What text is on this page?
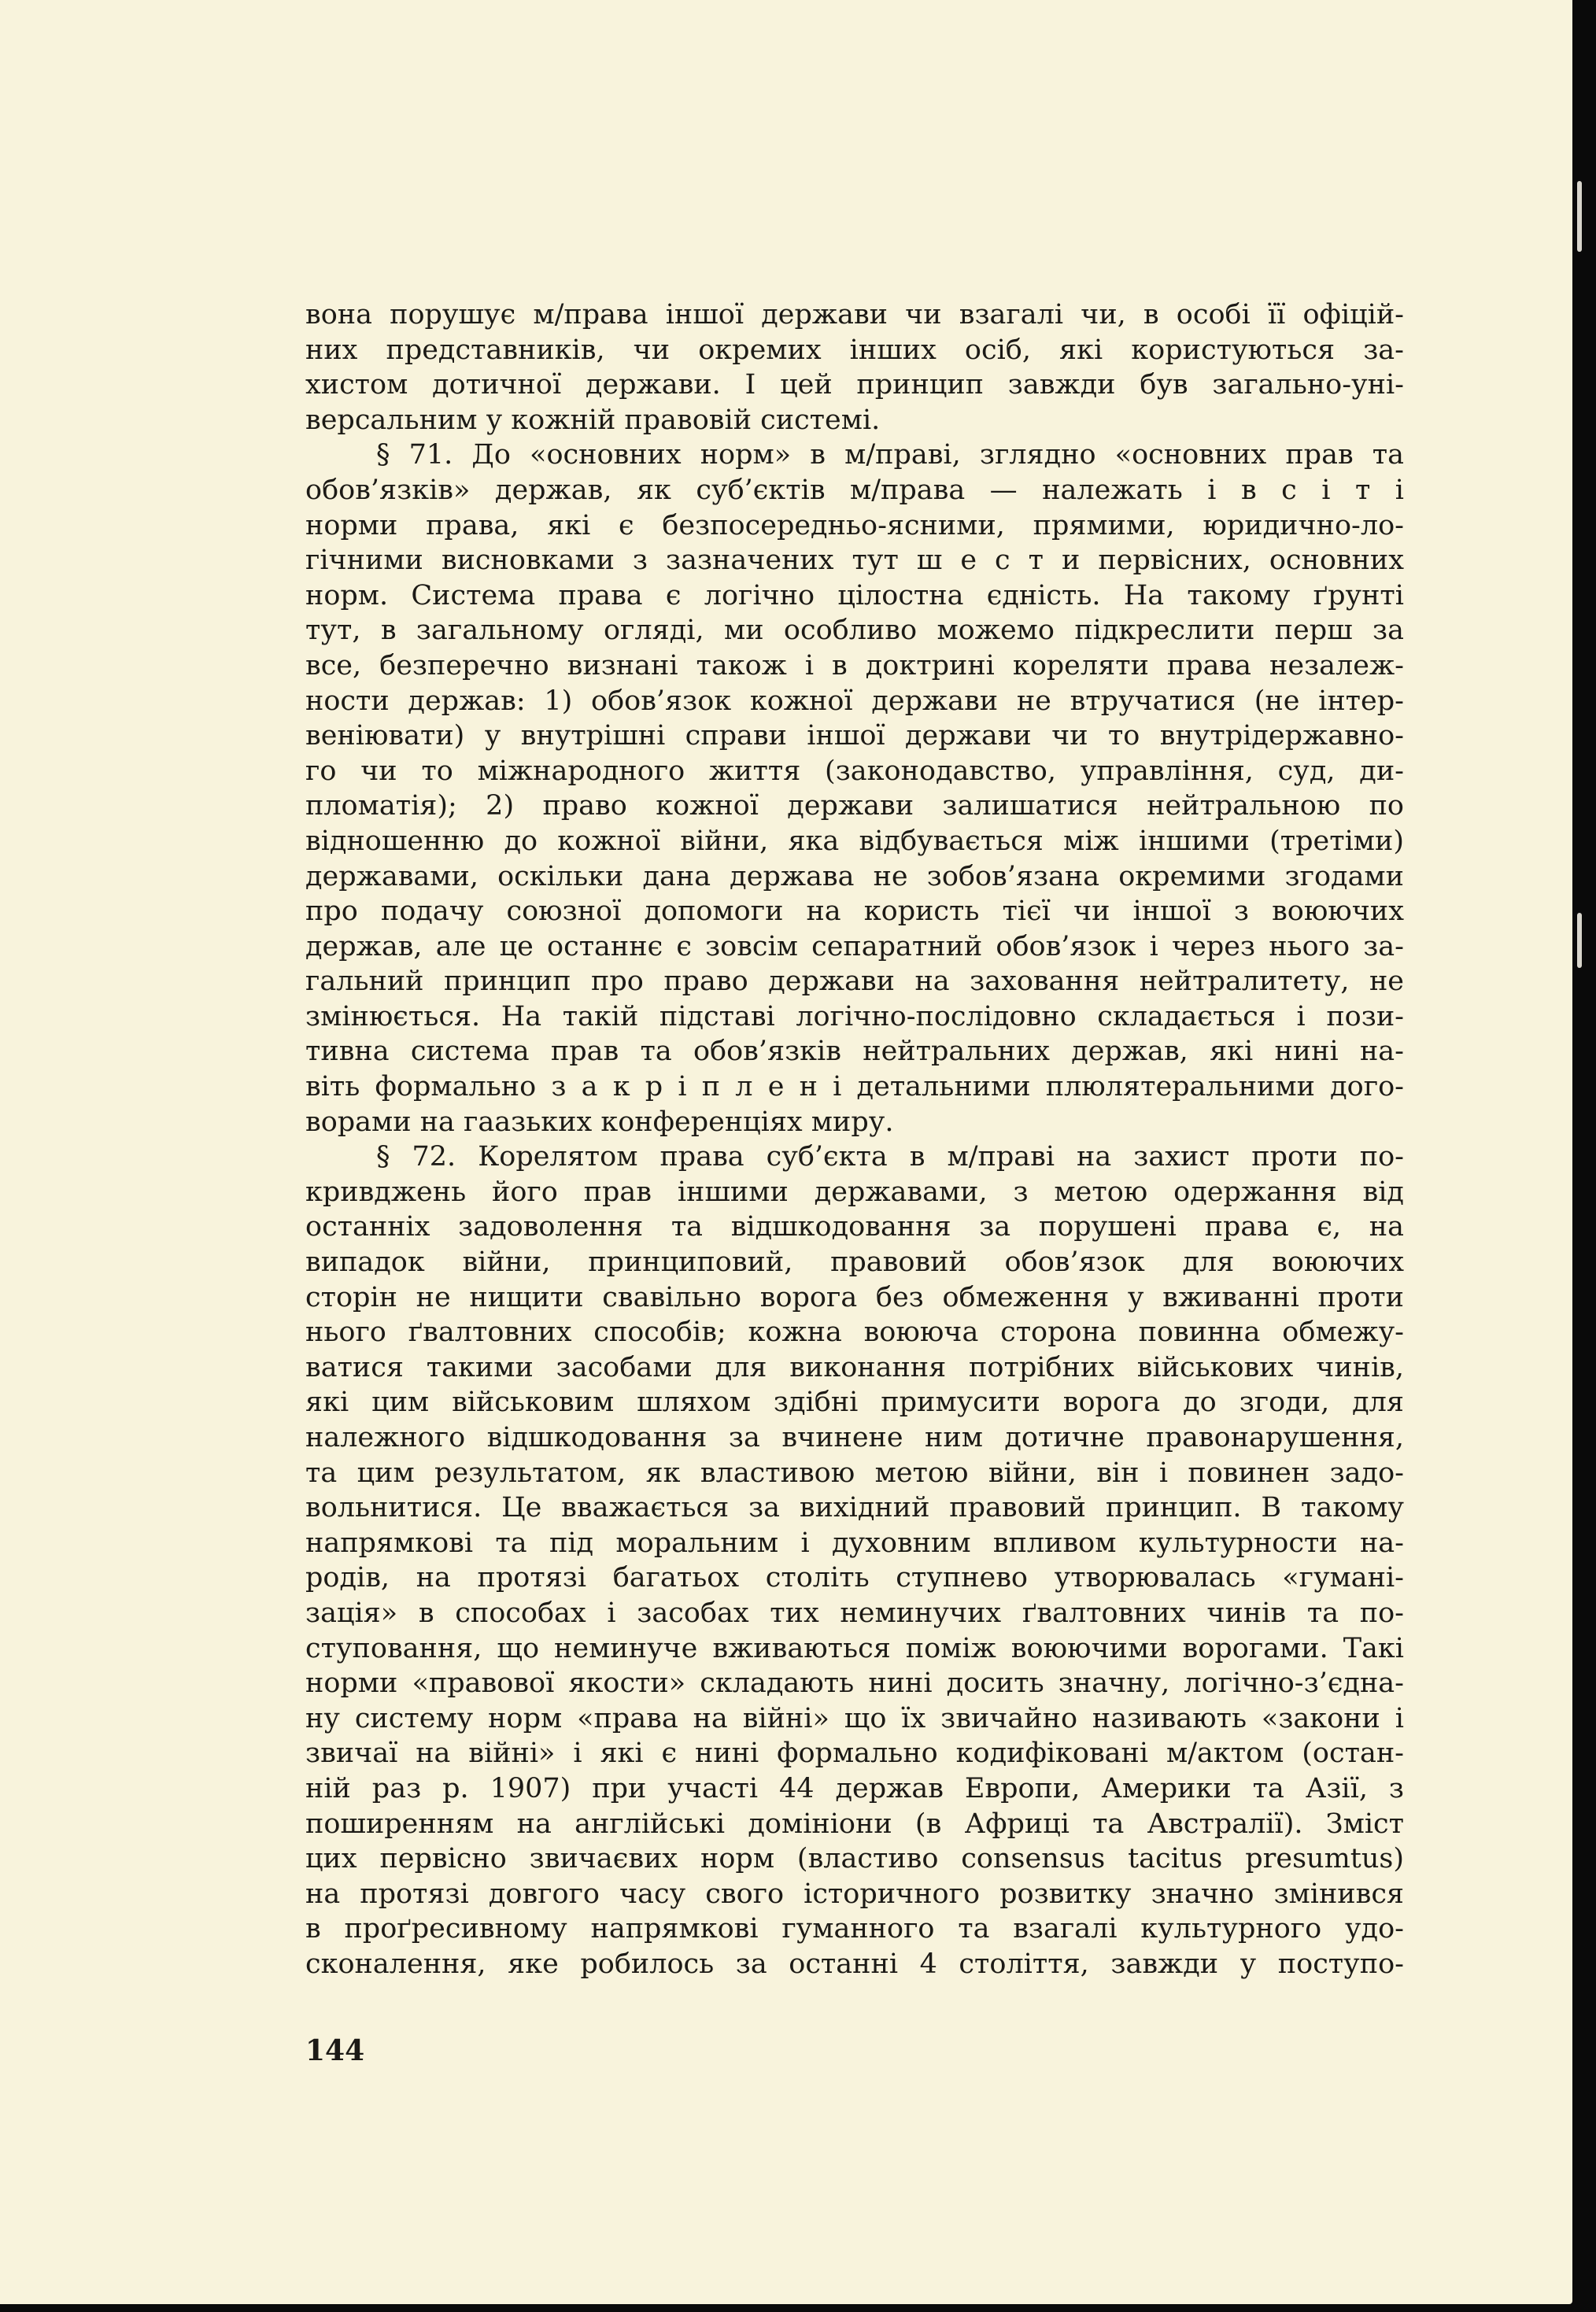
вона порушує м/права іншої держави чи взагалі чи, в особі її офіцій-
них представників, чи окремих інших осіб, які користуються за-
хистом дотичної держави. І цей принцип завжди був загально-уні-
версальним у кожній правовій системі.
§ 71. До «основних норм» в м/праві, зглядно «основних прав та
обов’язків» держав, як суб’єктів м/права — належать і в с і т і
норми права, які є безпосередньо-ясними, прямими, юридично-ло-
гічними висновками з зазначених тут ш е с т и первісних, основних
норм. Система права є логічно цілостна єдність. На такому ґрунті
тут, в загальному огляді, ми особливо можемо підкреслити перш за
все, безперечно визнані також і в доктрині кореляти права незалеж-
ности держав: 1) обов’язок кожної держави не втручатися (не інтер-
веніювати) у внутрішні справи іншої держави чи то внутрідержавно-
го чи то міжнародного життя (законодавство, управління, суд, ди-
пломатія); 2) право кожної держави залишатися нейтральною по
відношенню до кожної війни, яка відбувається між іншими (третіми)
державами, оскільки дана держава не зобов’язана окремими згодами
про подачу союзної допомоги на користь тієї чи іншої з воюючих
держав, але це останнє є зовсім сепаратний обов’язок і через нього за-
гальний принцип про право держави на заховання нейтралитету, не
змінюється. На такій підставі логічно-послідовно складається і пози-
тивна система прав та обов’язків нейтральних держав, які нині на-
віть формально з а к р і п л е н і детальними плюлятеральними дого-
ворами на гаазьких конференціях миру.
§ 72. Корелятом права суб’єкта в м/праві на захист проти по-
кривджень його прав іншими державами, з метою одержання від
останніх задоволення та відшкодовання за порушені права є, на
випадок війни, принциповий, правовий обов’язок для воюючих
сторін не нищити свавільно ворога без обмеження у вживанні проти
нього ґвалтовних способів; кожна воююча сторона повинна обмежу-
ватися такими засобами для виконання потрібних військових чинів,
які цим військовим шляхом здібні примусити ворога до згоди, для
належного відшкодовання за вчинене ним дотичне правонарушення,
та цим результатом, як властивою метою війни, він і повинен задо-
вольнитися. Це вважається за вихідний правовий принцип. В такому
напрямкові та під моральним і духовним впливом культурности на-
родів, на протязі багатьох століть ступнево утворювалась «гумані-
зація» в способах і засобах тих неминучих ґвалтовних чинів та по-
ступовання, що неминуче вживаються поміж воюючими ворогами. Такі
норми «правової якости» складають нині досить значну, логічно-з’єдна-
ну систему норм «права на війні» що їх звичайно називають «закони і
звичаї на війні» і які є нині формально кодифіковані м/актом (остан-
ній раз р. 1907) при участі 44 держав Европи, Америки та Азії, з
поширенням на англійські домініони (в Африці та Австралії). Зміст
цих первісно звичаєвих норм (властиво consensus tacitus presumtus)
на протязі довгого часу свого історичного розвитку значно змінився
в проґресивному напрямкові гуманного та взагалі культурного удо-
сконалення, яке робилось за останні 4 століття, завжди у поступо-
144
